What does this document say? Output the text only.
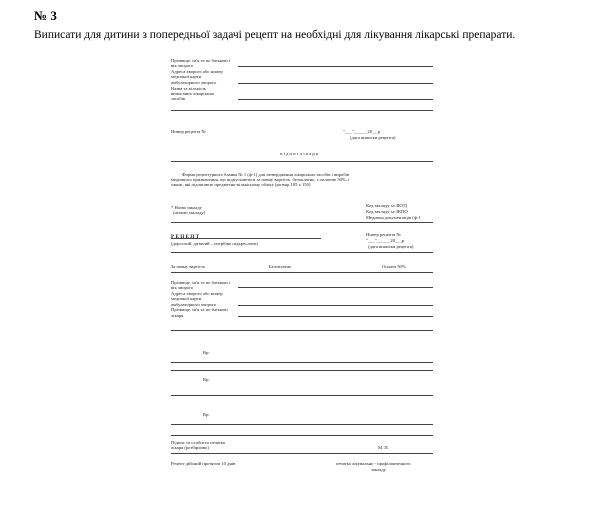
№ 3
Виписати для дитини з попередньої задачі рецепт на необхідні для лікування лікарські препарати.
Прізвище, ім'я та по батькові і
вік хворого
Адреса хворого або номер
медичної карти
амбулаторного хворого
Назва та кількість
виписаних лікарських
засобів
Номер рецепта №	"___"______20__ р
(дата виписки рецепта)
п і д п и с л і к а р я
Форма рецептурного бланка № 1 (ф-1) для затвердження лікарських засобів і виробів
медичного призначення, що відпускаються за повну вартість, безоплатно, з оплатою 50%, і
також, які підлягають предметно-кількісному обліку (розмір 105 х 150)
* Назва закладу
(штамп закладу)
Код закладу за ЗКУД
Код закладу за ЗКПО
Медична документація (ф-1
Р Е Ц Е П Т
(дорослий, дитячий – потрібне підкреслити)
Номер рецепта №
"___"______20___р
(дата виписки рецепта)
За повну вартість	Безоплатно	Оплата 50%
Прізвище, ім'я та по батькові і
вік хворого
Адреса хворого або номер
медичної карти
амбулаторного хворого
Прізвище, ім'я та по батькові
лікаря
Rp:
Rp:
Rp:
Підпис та особиста печатка
лікаря (розбірливо)	М. П.
Рецепт дійсний протягом 10 днів	печатка лікувально - профілактичного
закладу
